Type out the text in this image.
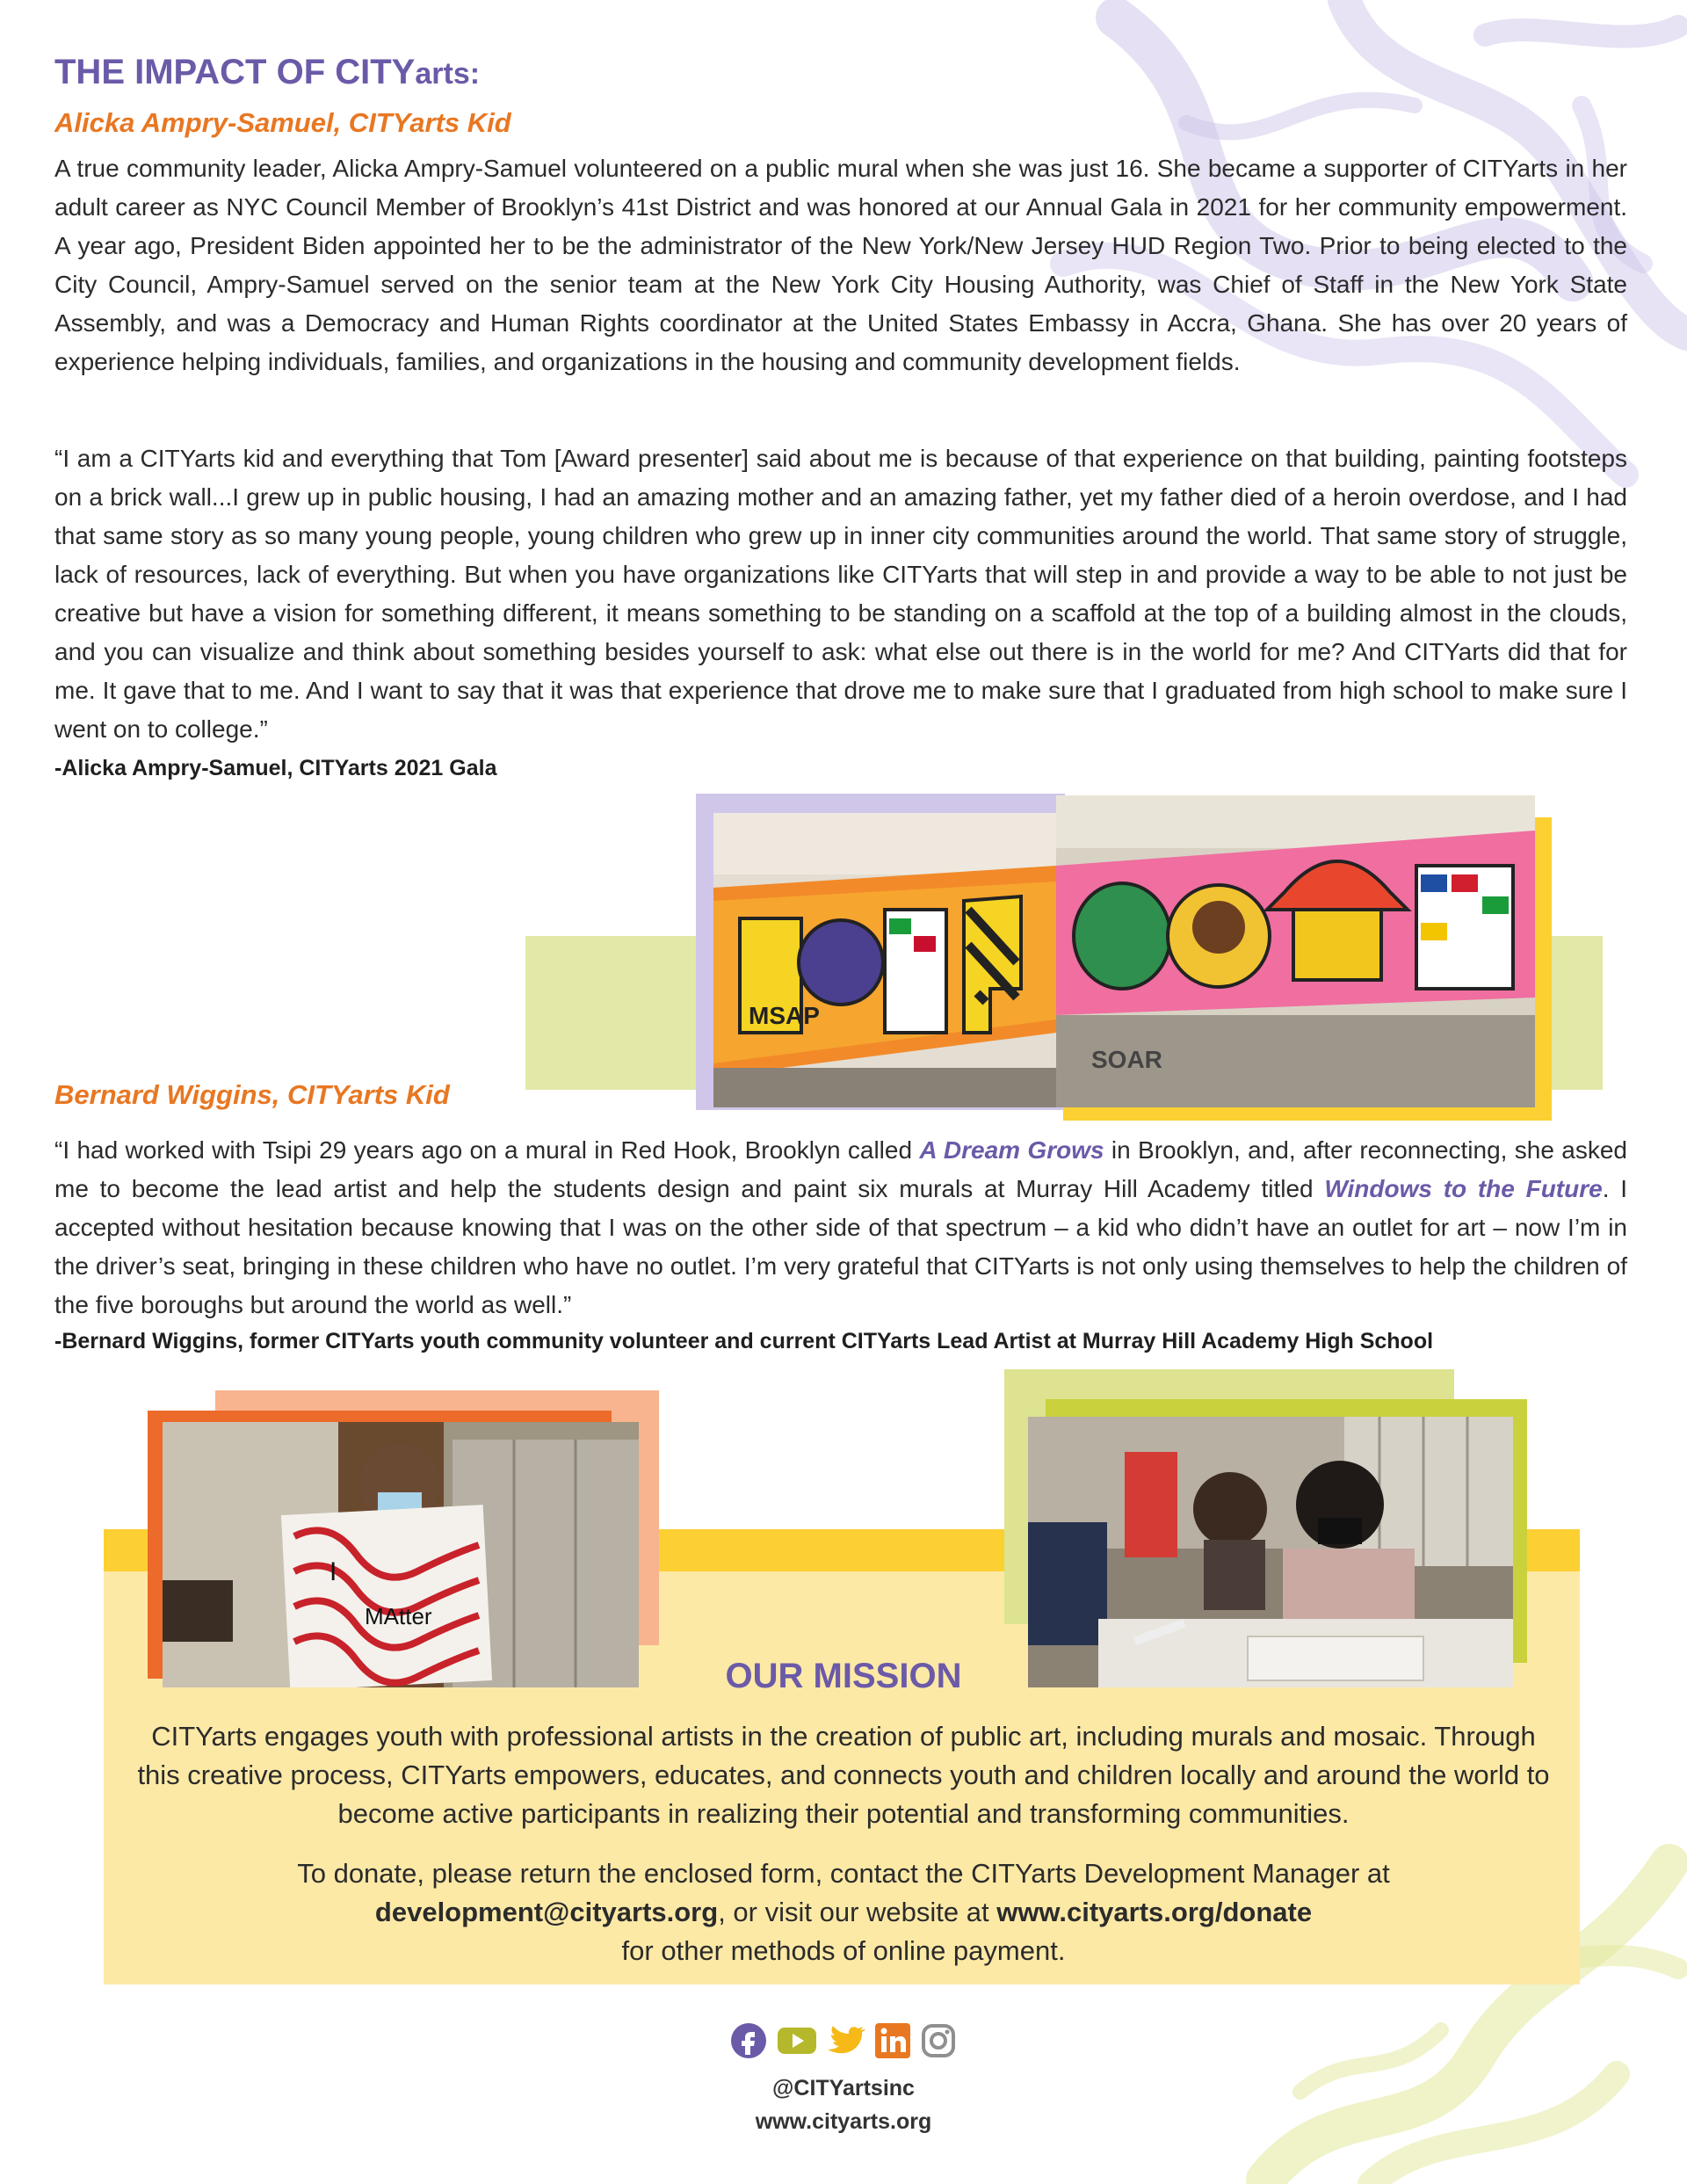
THE IMPACT OF CITYarts:
Alicka Ampry-Samuel, CITYarts Kid

A true community leader, Alicka Ampry-Samuel volunteered on a public mural when she was just 16. She became a supporter of CITYarts in her adult career as NYC Council Member of Brooklyn’s 41st District and was honored at our Annual Gala in 2021 for her community empowerment. A year ago, President Biden appointed her to be the administrator of the New York/New Jersey HUD Region Two. Prior to being elected to the City Council, Ampry-Samuel served on the senior team at the New York City Housing Authority, was Chief of Staff in the New York State Assembly, and was a Democracy and Human Rights coordinator at the United States Embassy in Accra, Ghana. She has over 20 years of experience helping individuals, families, and organizations in the housing and community development fields.

“I am a CITYarts kid and everything that Tom [Award presenter] said about me is because of that experience on that building, painting footsteps on a brick wall...I grew up in public housing, I had an amazing mother and an amazing father, yet my father died of a heroin overdose, and I had that same story as so many young people, young children who grew up in inner city communities around the world. That same story of struggle, lack of resources, lack of everything. But when you have organizations like CITYarts that will step in and provide a way to be able to not just be creative but have a vision for something different, it means something to be standing on a scaffold at the top of a building almost in the clouds, and you can visualize and think about something besides yourself to ask: what else out there is in the world for me? And CITYarts did that for me. It gave that to me. And I want to say that it was that experience that drove me to make sure that I graduated from high school to make sure I went on to college.”

-Alicka Ampry-Samuel, CITYarts 2021 Gala

MSAP
SOAR
Bernard Wiggins, CITYarts Kid

“I had worked with Tsipi 29 years ago on a mural in Red Hook, Brooklyn called A Dream Grows in Brooklyn, and, after reconnecting, she asked me to become the lead artist and help the students design and paint six murals at Murray Hill Academy titled Windows to the Future. I accepted without hesitation because knowing that I was on the other side of that spectrum – a kid who didn’t have an outlet for art – now I’m in the driver’s seat, bringing in these children who have no outlet. I’m very grateful that CITYarts is not only using themselves to help the children of the five boroughs but around the world as well.”

-Bernard Wiggins, former CITYarts youth community volunteer and current CITYarts Lead Artist at Murray Hill Academy High School

I
MAtter
OUR MISSION

CITYarts engages youth with professional artists in the creation of public art, including murals and mosaic. Through this creative process, CITYarts empowers, educates, and connects youth and children locally and around the world to become active participants in realizing their potential and transforming communities.

To donate, please return the enclosed form, contact the CITYarts Development Manager at

development@cityarts.org, or visit our website at www.cityarts.org/donate

for other methods of online payment.

@CITYartsinc

www.cityarts.org
